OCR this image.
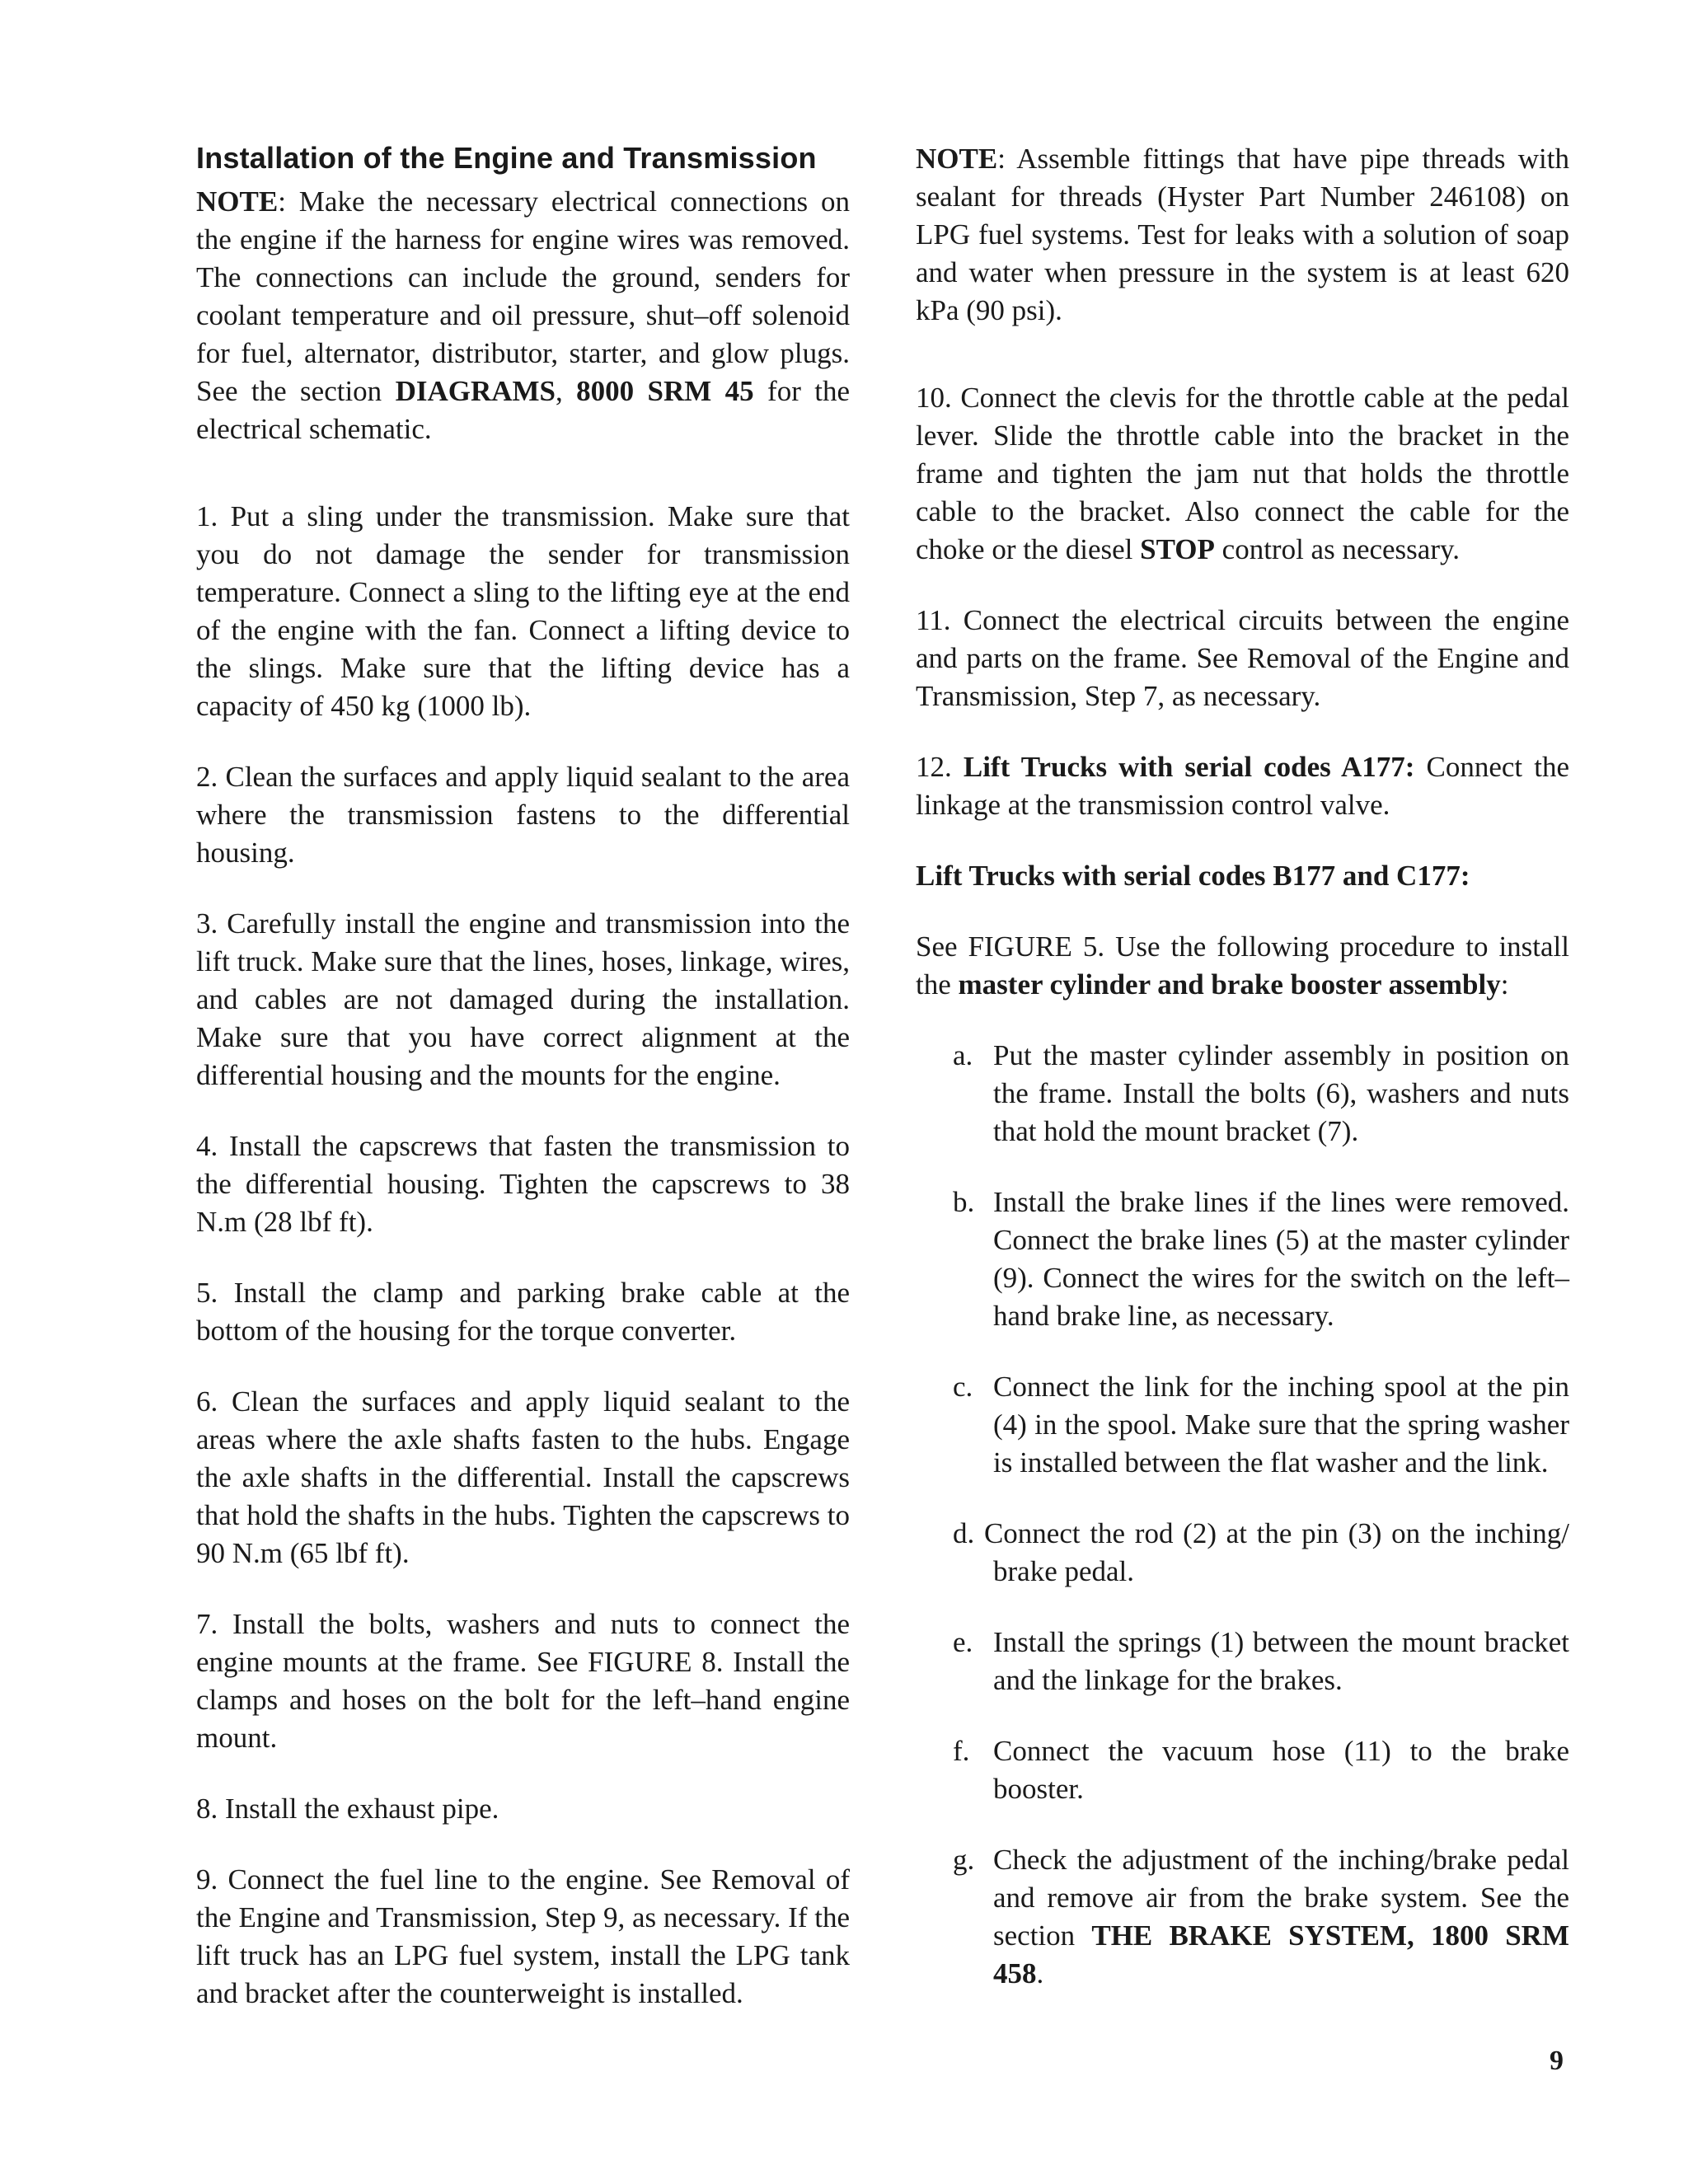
Installation of the Engine and Transmission

NOTE: Make the necessary electrical connections on the engine if the harness for engine wires was removed. The connections can include the ground, senders for coolant temperature and oil pressure, shut–off solenoid for fuel, alternator, distributor, starter, and glow plugs. See the section DIAGRAMS, 8000 SRM 45 for the electrical schematic.

1. Put a sling under the transmission. Make sure that you do not damage the sender for transmission temperature. Connect a sling to the lifting eye at the end of the engine with the fan. Connect a lifting device to the slings. Make sure that the lifting device has a capacity of 450 kg (1000 lb).

2. Clean the surfaces and apply liquid sealant to the area where the transmission fastens to the differential housing.

3. Carefully install the engine and transmission into the lift truck. Make sure that the lines, hoses, linkage, wires, and cables are not damaged during the installation. Make sure that you have correct alignment at the differential housing and the mounts for the engine.

4. Install the capscrews that fasten the transmission to the differential housing. Tighten the capscrews to 38 N.m (28 lbf ft).

5. Install the clamp and parking brake cable at the bottom of the housing for the torque converter.

6. Clean the surfaces and apply liquid sealant to the areas where the axle shafts fasten to the hubs. Engage the axle shafts in the differential. Install the capscrews that hold the shafts in the hubs. Tighten the capscrews to 90 N.m (65 lbf ft).

7. Install the bolts, washers and nuts to connect the engine mounts at the frame. See FIGURE 8. Install the clamps and hoses on the bolt for the left–hand engine mount.

8. Install the exhaust pipe.

9. Connect the fuel line to the engine. See Removal of the Engine and Transmission, Step 9, as necessary. If the lift truck has an LPG fuel system, install the LPG tank and bracket after the counterweight is installed.

NOTE: Assemble fittings that have pipe threads with sealant for threads (Hyster Part Number 246108) on LPG fuel systems. Test for leaks with a solution of soap and water when pressure in the system is at least 620 kPa (90 psi).

10. Connect the clevis for the throttle cable at the pedal lever. Slide the throttle cable into the bracket in the frame and tighten the jam nut that holds the throttle cable to the bracket. Also connect the cable for the choke or the diesel STOP control as necessary.

11. Connect the electrical circuits between the engine and parts on the frame. See Removal of the Engine and Transmission, Step 7, as necessary.

12. Lift Trucks with serial codes A177: Connect the linkage at the transmission control valve.

Lift Trucks with serial codes B177 and C177:

See FIGURE 5. Use the following procedure to install the master cylinder and brake booster assembly:

a. Put the master cylinder assembly in position on the frame. Install the bolts (6), washers and nuts that hold the mount bracket (7).
b. Install the brake lines if the lines were removed. Connect the brake lines (5) at the master cylinder (9). Connect the wires for the switch on the left–hand brake line, as necessary.
c. Connect the link for the inching spool at the pin (4) in the spool. Make sure that the spring washer is installed between the flat washer and the link.
d. Connect the rod (2) at the pin (3) on the inching/ brake pedal.
e. Install the springs (1) between the mount bracket and the linkage for the brakes.
f. Connect the vacuum hose (11) to the brake booster.
g. Check the adjustment of the inching/brake pedal and remove air from the brake system. See the section THE BRAKE SYSTEM, 1800 SRM 458.
9
